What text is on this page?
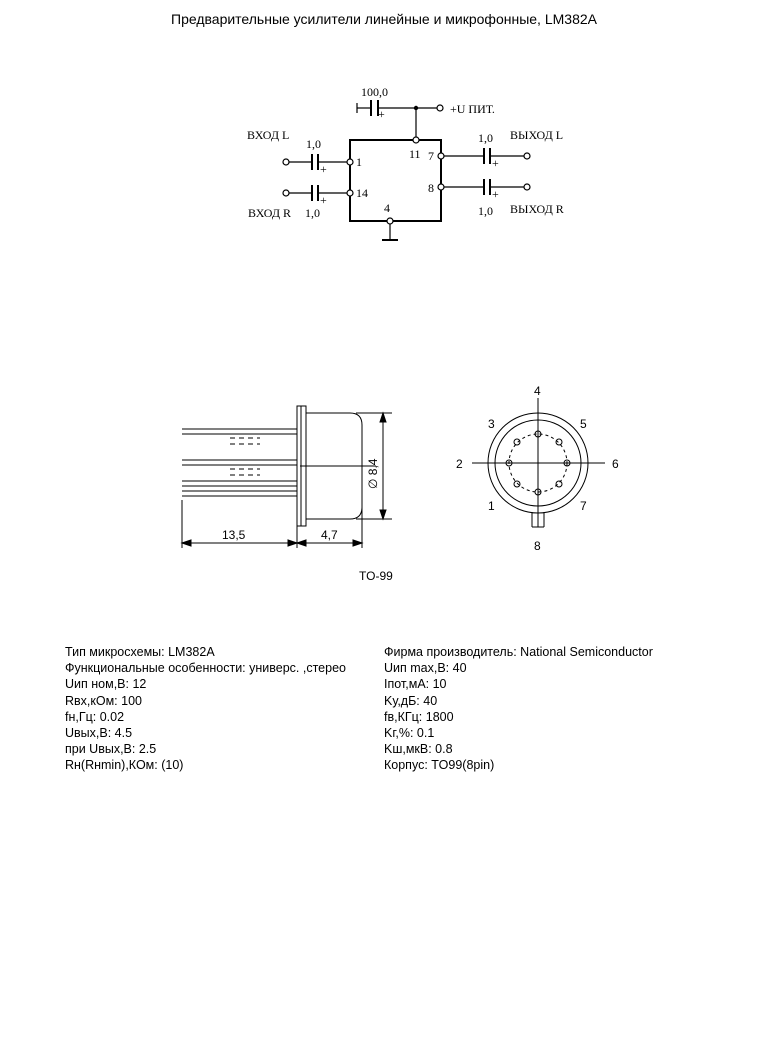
Предварительные усилители линейные и микрофонные, LM382A
100,0
+	+U ПИТ.
ВХОД L
1,0
+
ВХОД R 1,0
+
1,0
+
ВЫХОД L
1,0
+
ВЫХОД R
1
14
11 7
8
4
∅ 8,4
13,5	4,7
TO-99
4
3	5
2	6
1	7
8
Тип микросхемы: LM382A
Функциональные особенности: универс. ,стерео
Uип ном,В: 12
Rвх,кОм: 100
fн,Гц: 0.02
Uвых,В: 4.5
при Uвых,В: 2.5
Rн(Rнmin),КОм: (10)
Фирма производитель: National Semiconductor
Uип max,В: 40
Iпот,мА: 10
Kу,дБ: 40
fв,КГц: 1800
Kг,%: 0.1
Kш,мкВ: 0.8
Корпус: TO99(8pin)
